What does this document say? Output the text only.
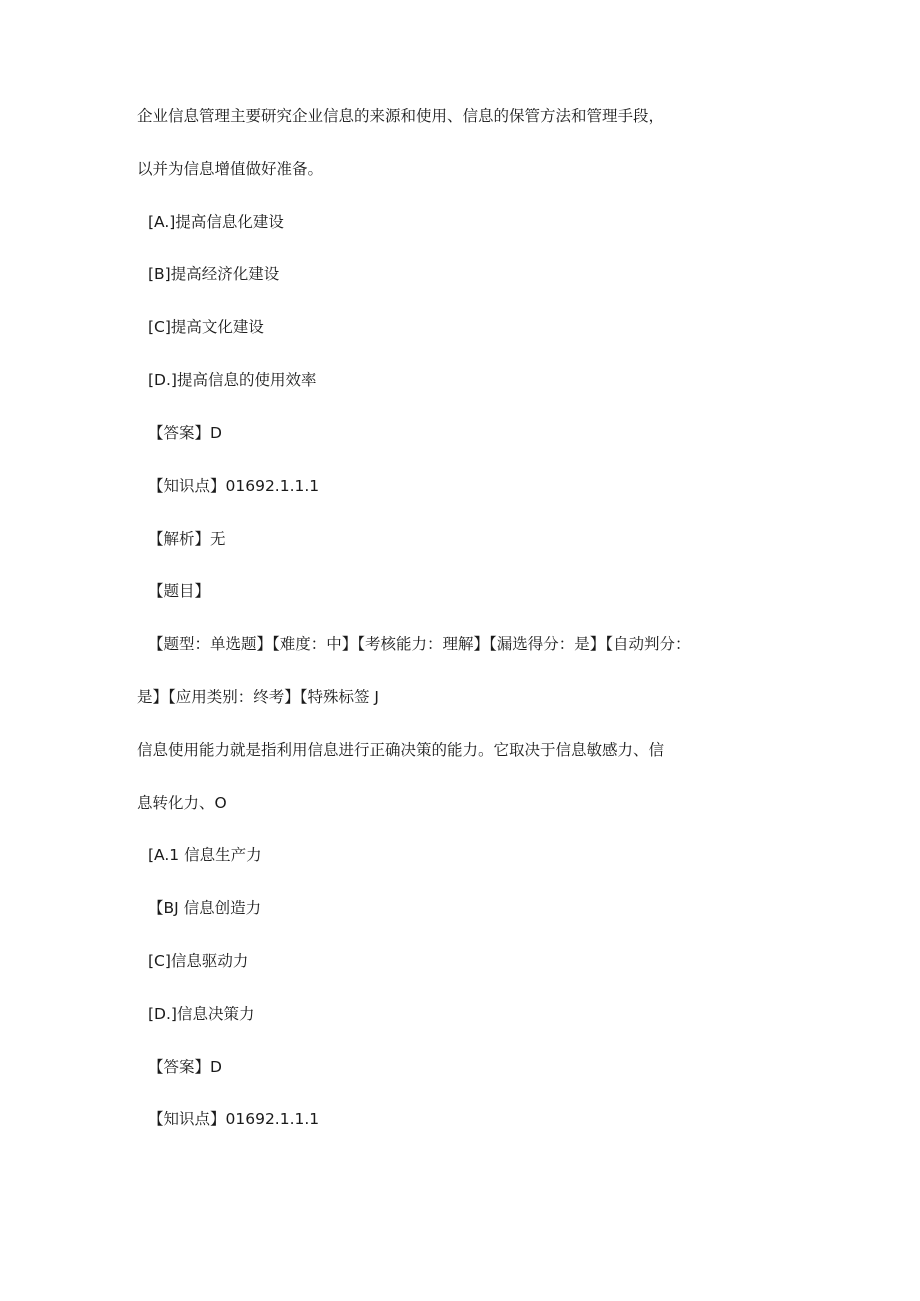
企业信息管理主要研究企业信息的来源和使用、信息的保管方法和管理手段，
以并为信息增值做好准备。
[A.]提高信息化建设
[B]提高经济化建设
[C]提高文化建设
[D.]提高信息的使用效率
【答案】D
【知识点】01692.1.1.1
【解析】无
【题目】
【题型：单选题】【难度：中】【考核能力：理解】【漏选得分：是】【自动判分：
是】【应用类别：终考】【特殊标签 J
信息使用能力就是指利用信息进行正确决策的能力。它取决于信息敏感力、信
息转化力、O
[A.1 信息生产力
【BJ 信息创造力
[C]信息驱动力
[D.]信息决策力
【答案】D
【知识点】01692.1.1.1
